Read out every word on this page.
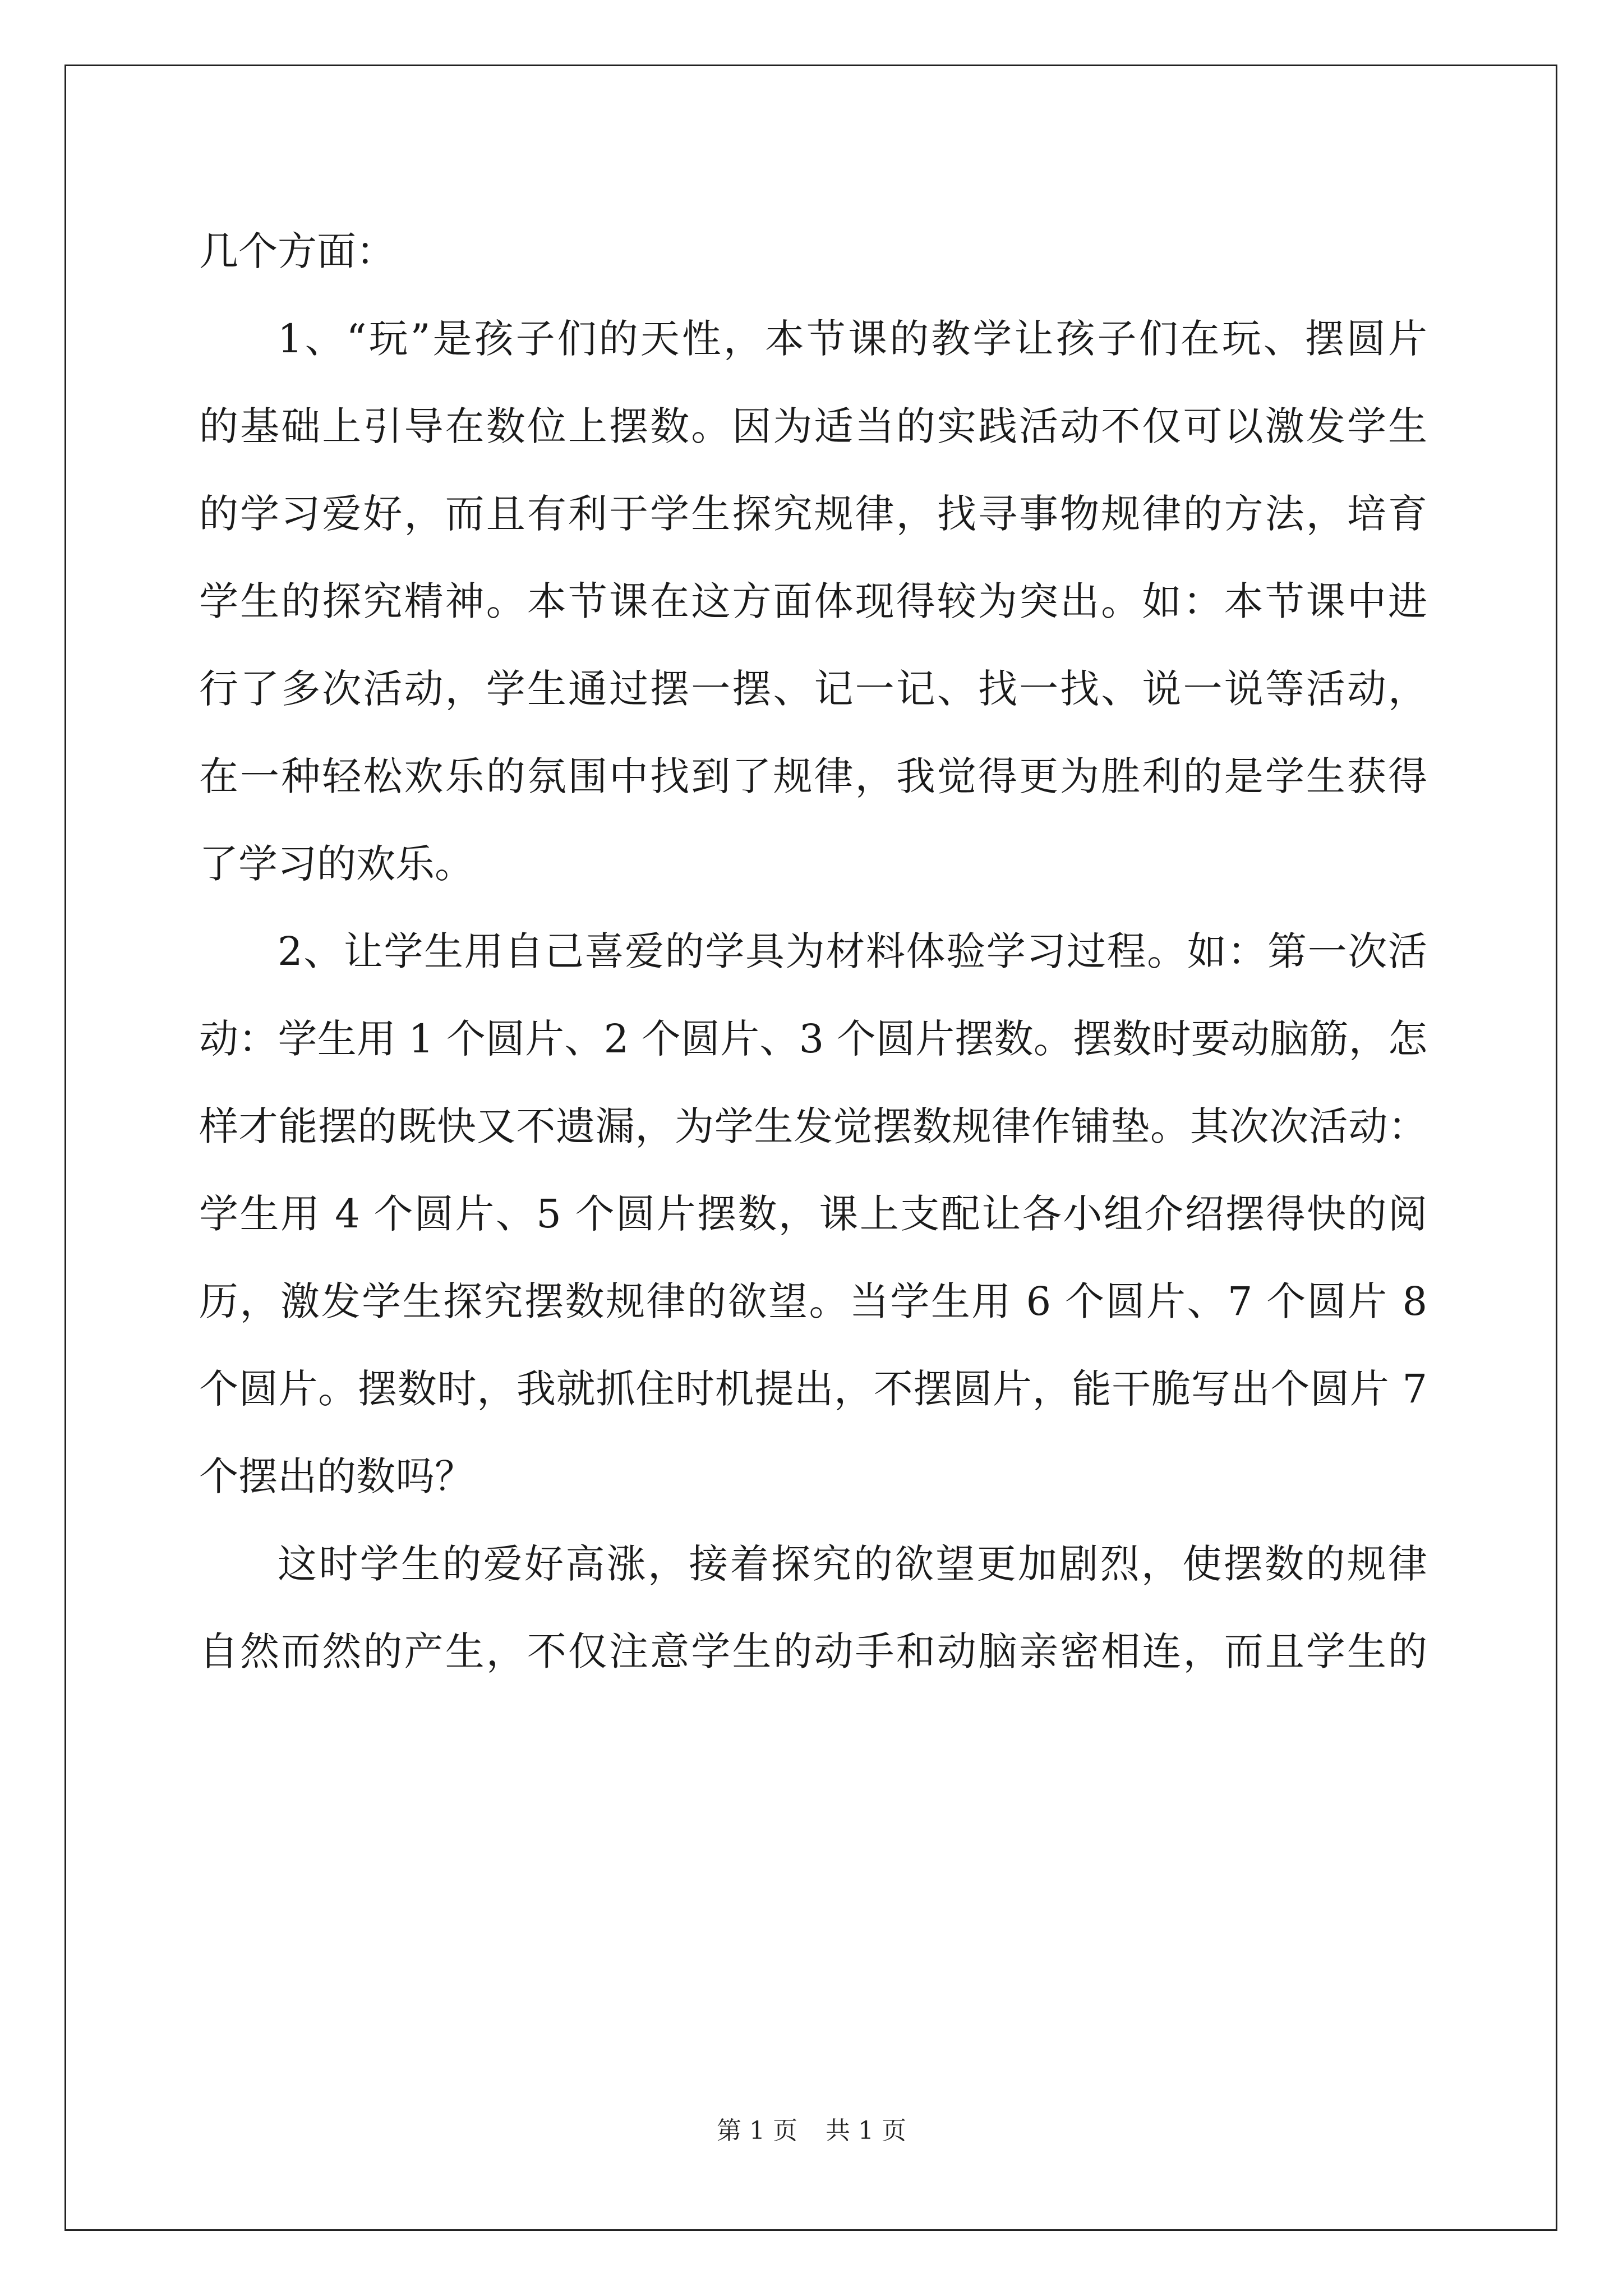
几个方面：
1、“玩”是孩子们的天性，本节课的教学让孩子们在玩、摆圆片
的基础上引导在数位上摆数。因为适当的实践活动不仅可以激发学生
的学习爱好，而且有利于学生探究规律，找寻事物规律的方法，培育
学生的探究精神。本节课在这方面体现得较为突出。如：本节课中进
行了多次活动，学生通过摆一摆、记一记、找一找、说一说等活动，
在一种轻松欢乐的氛围中找到了规律，我觉得更为胜利的是学生获得
了学习的欢乐。
2、让学生用自己喜爱的学具为材料体验学习过程。如：第一次活
动：学生用 1 个圆片、2 个圆片、3 个圆片摆数。摆数时要动脑筋，怎
样才能摆的既快又不遗漏，为学生发觉摆数规律作铺垫。其次次活动：
学生用 4 个圆片、5 个圆片摆数，课上支配让各小组介绍摆得快的阅
历，激发学生探究摆数规律的欲望。当学生用 6 个圆片、7 个圆片 8
个圆片。摆数时，我就抓住时机提出，不摆圆片，能干脆写出个圆片 7
个摆出的数吗？
这时学生的爱好高涨，接着探究的欲望更加剧烈，使摆数的规律
自然而然的产生，不仅注意学生的动手和动脑亲密相连，而且学生的
第 1 页 共 1 页
